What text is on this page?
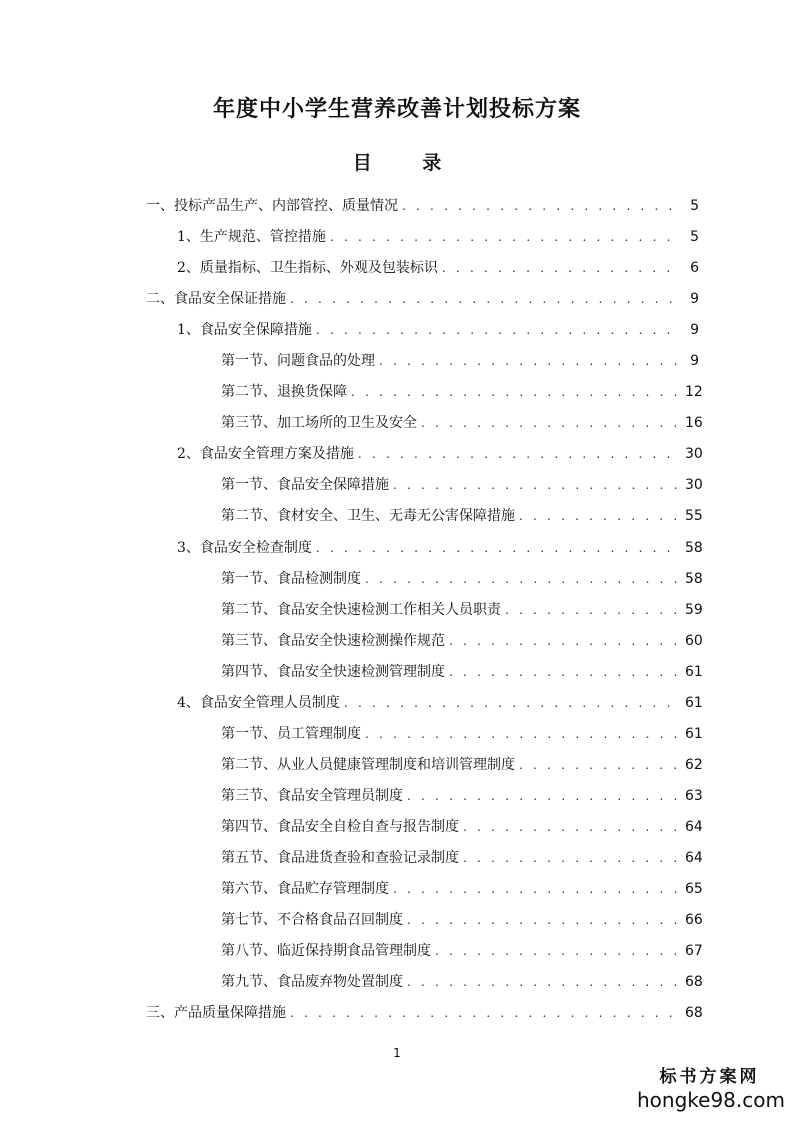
年度中小学生营养改善计划投标方案
目 录
一、投标产品生产、内部管控、质量情况 . . .	5
1、生产规范、管控措施 . . .	5
2、质量指标、卫生指标、外观及包装标识 . . .	6
二、食品安全保证措施 . . .	9
1、食品安全保障措施 . . .	9
第一节、问题食品的处理 . . .	9
第二节、退换货保障 . . .	12
第三节、加工场所的卫生及安全 . . .	16
2、食品安全管理方案及措施 . . .	30
第一节、食品安全保障措施 . . .	30
第二节、食材安全、卫生、无毒无公害保障措施 . . .	55
3、食品安全检查制度 . . .	58
第一节、食品检测制度 . . .	58
第二节、食品安全快速检测工作相关人员职责 . . .	59
第三节、食品安全快速检测操作规范 . . .	60
第四节、食品安全快速检测管理制度 . . .	61
4、食品安全管理人员制度 . . .	61
第一节、员工管理制度 . . .	61
第二节、从业人员健康管理制度和培训管理制度 . . .	62
第三节、食品安全管理员制度 . . .	63
第四节、食品安全自检自查与报告制度 . . .	64
第五节、食品进货查验和查验记录制度 . . .	64
第六节、食品贮存管理制度 . . .	65
第七节、不合格食品召回制度 . . .	66
第八节、临近保持期食品管理制度 . . .	67
第九节、食品废弃物处置制度 . . .	68
三、产品质量保障措施 . . .	68
1
标书方案网
hongke98.com
